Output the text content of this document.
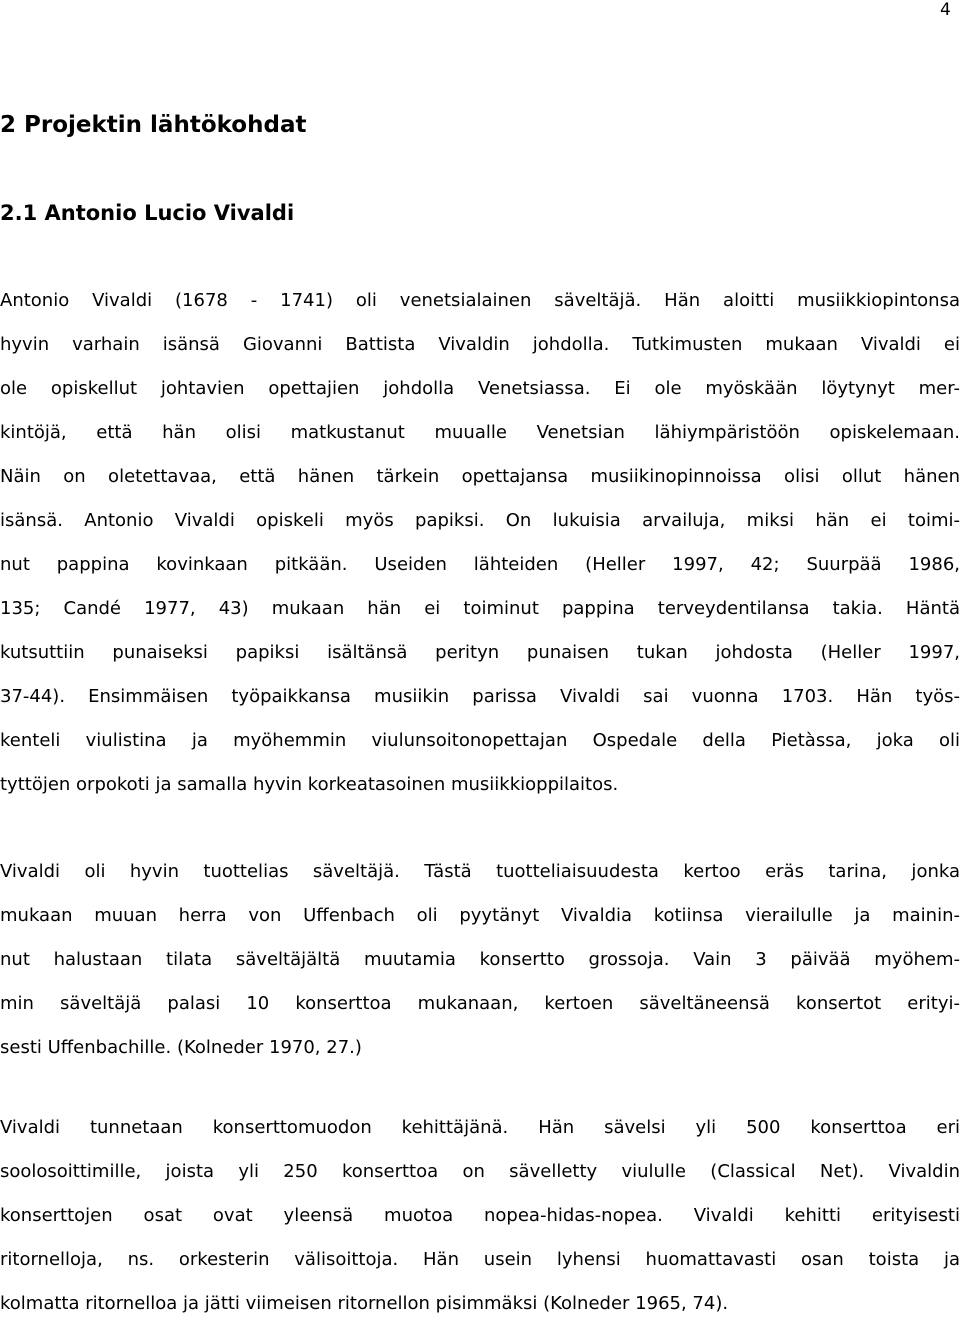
4
2 Projektin lähtökohdat
2.1 Antonio Lucio Vivaldi
Antonio Vivaldi (1678 - 1741) oli venetsialainen säveltäjä. Hän aloitti musiikkiopintonsa
hyvin varhain isänsä Giovanni Battista Vivaldin johdolla. Tutkimusten mukaan Vivaldi ei
ole opiskellut johtavien opettajien johdolla Venetsiassa. Ei ole myöskään löytynyt mer-
kintöjä, että hän olisi matkustanut muualle Venetsian lähiympäristöön opiskelemaan.
Näin on oletettavaa, että hänen tärkein opettajansa musiikinopinnoissa olisi ollut hänen
isänsä. Antonio Vivaldi opiskeli myös papiksi. On lukuisia arvailuja, miksi hän ei toimi-
nut pappina kovinkaan pitkään. Useiden lähteiden (Heller 1997, 42; Suurpää 1986,
135; Candé 1977, 43) mukaan hän ei toiminut pappina terveydentilansa takia. Häntä
kutsuttiin punaiseksi papiksi isältänsä perityn punaisen tukan johdosta (Heller 1997,
37-44). Ensimmäisen työpaikkansa musiikin parissa Vivaldi sai vuonna 1703. Hän työs-
kenteli viulistina ja myöhemmin viulunsoitonopettajan Ospedale della Pietàssa, joka oli
tyttöjen orpokoti ja samalla hyvin korkeatasoinen musiikkioppilaitos.
Vivaldi oli hyvin tuottelias säveltäjä. Tästä tuotteliaisuudesta kertoo eräs tarina, jonka
mukaan muuan herra von Uffenbach oli pyytänyt Vivaldia kotiinsa vierailulle ja mainin-
nut halustaan tilata säveltäjältä muutamia konsertto grossoja. Vain 3 päivää myöhem-
min säveltäjä palasi 10 konserttoa mukanaan, kertoen säveltäneensä konsertot erityi-
sesti Uffenbachille. (Kolneder 1970, 27.)
Vivaldi tunnetaan konserttomuodon kehittäjänä. Hän sävelsi yli 500 konserttoa eri
soolosoittimille, joista yli 250 konserttoa on sävelletty viululle (Classical Net). Vivaldin
konserttojen osat ovat yleensä muotoa nopea-hidas-nopea. Vivaldi kehitti erityisesti
ritornelloja, ns. orkesterin välisoittoja. Hän usein lyhensi huomattavasti osan toista ja
kolmatta ritornelloa ja jätti viimeisen ritornellon pisimmäksi (Kolneder 1965, 74).
